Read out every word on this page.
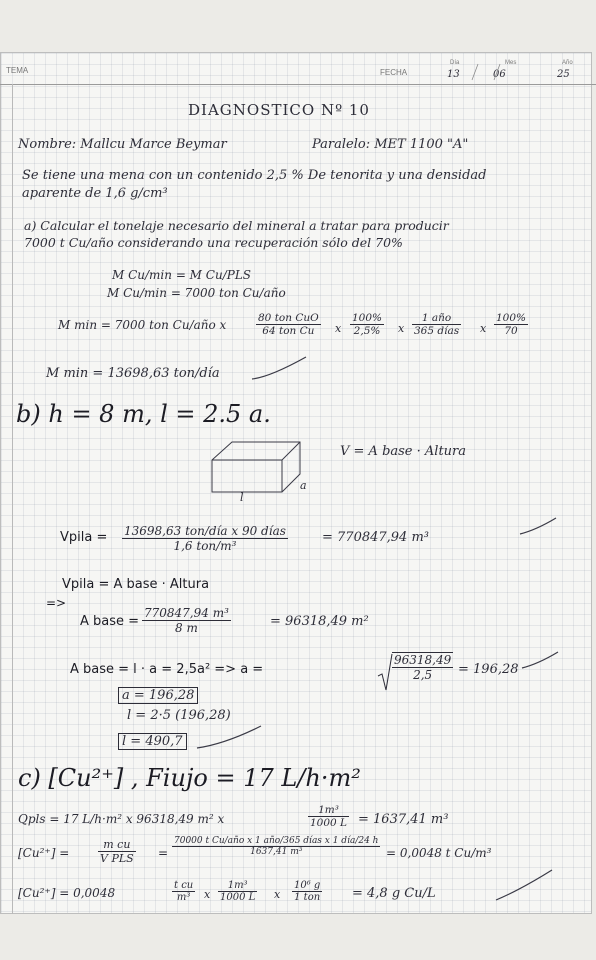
TEMA	FECHA
Día	Mes	Año
13	06	25
DIAGNOSTICO Nº 10
Nombre: Mallcu Marce Beymar	Paralelo: MET 1100 "A"
Se tiene una mena con un contenido 2,5 % De tenorita y una densidad
aparente de 1,6 g/cm³
a) Calcular el tonelaje necesario del mineral a tratar para producir
7000 t Cu/año considerando una recuperación sólo del 70%
M Cu/min = M Cu/PLS
M Cu/min = 7000 ton Cu/año
M min = 7000 ton Cu/año x	80 ton CuO
64 ton Cu	x $\frac{100\%}{2,5\%}$ x
1 año
365 días x $\frac{100\%}{70}$
M min = 13698,63 ton/día
b) h = 8 m, l = 2.5 a.
V = A base · Altura
l
a
Vpila = 13698,63 ton/día x 90 días
1,6 ton/m³
= 770847,94 m³
Vpila = A base · Altura
=>
A base = $\frac{\text{770847,94 m³}}{8 m}$	= 96318,49 m²
A base = l · a = 2,5a² => a =	$\frac{96318,49}{2,5} = 196,28$
a = 196,28
l = 2·5 (196,28)
l = 490,7
c) [Cu²⁺] , Fiujo = 17 L/h·m²
Qpls = 17 L/h·m² x 96318,49 m² x	$\frac{\text{1m³}}{1000 L} = 1637,41$ m³
[Cu²⁺] =
m cu
V PLS =
70000 t Cu/año x 1 año/365 días x 1 día/24 h
1637,41 m³	= 0,0048 t Cu/m³
[Cu²⁺] = 0,0048	$\frac{\text{t cu}}{\text{m³}}$ x $\frac{\text{1m³}}{1000 L}$ x
10⁶ g
1 ton = 4,8 g Cu/L
